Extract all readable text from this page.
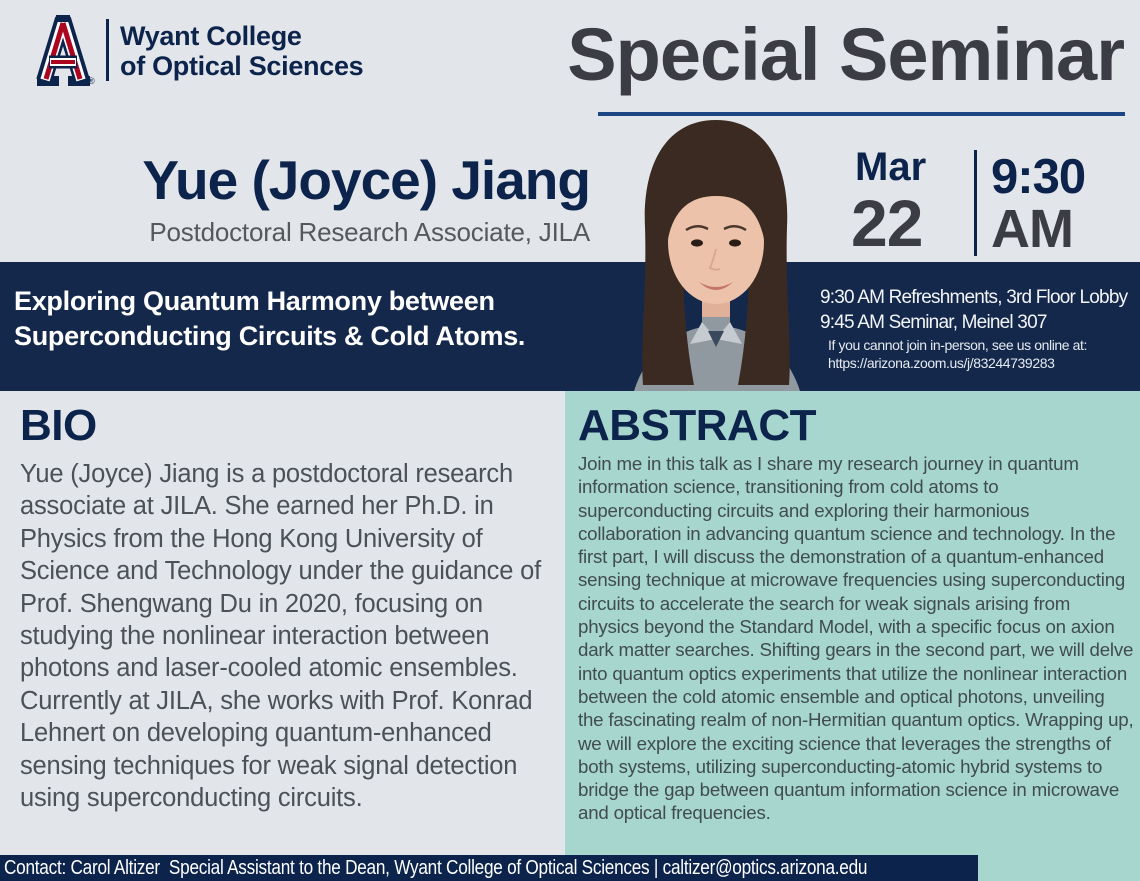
®
Wyant College
of Optical Sciences	Special Seminar
Yue (Joyce) Jiang
Postdoctoral Research Associate, JILA
Mar
22
9:30
AM
Exploring Quantum Harmony between
Superconducting Circuits & Cold Atoms.
9:30 AM Refreshments, 3rd Floor Lobby
9:45 AM Seminar, Meinel 307
If you cannot join in-person, see us online at:
https://arizona.zoom.us/j/83244739283
BIO
Yue (Joyce) Jiang is a postdoctoral research associate at JILA. She earned her Ph.D. in Physics from the Hong Kong University of Science and Technology under the guidance of Prof. Shengwang Du in 2020, focusing on studying the nonlinear interaction between photons and laser-cooled atomic ensembles. Currently at JILA, she works with Prof. Konrad Lehnert on developing quantum-enhanced sensing techniques for weak signal detection using superconducting circuits.
ABSTRACT
Join me in this talk as I share my research journey in quantum information science, transitioning from cold atoms to superconducting circuits and exploring their harmonious collaboration in advancing quantum science and technology. In the first part, I will discuss the demonstration of a quantum-enhanced sensing technique at microwave frequencies using superconducting circuits to accelerate the search for weak signals arising from physics beyond the Standard Model, with a specific focus on axion dark matter searches. Shifting gears in the second part, we will delve into quantum optics experiments that utilize the nonlinear interaction between the cold atomic ensemble and optical photons, unveiling the fascinating realm of non-Hermitian quantum optics. Wrapping up, we will explore the exciting science that leverages the strengths of both systems, utilizing superconducting-atomic hybrid systems to bridge the gap between quantum information science in microwave and optical frequencies.
Contact: Carol Altizer  Special Assistant to the Dean, Wyant College of Optical Sciences | caltizer@optics.arizona.edu
